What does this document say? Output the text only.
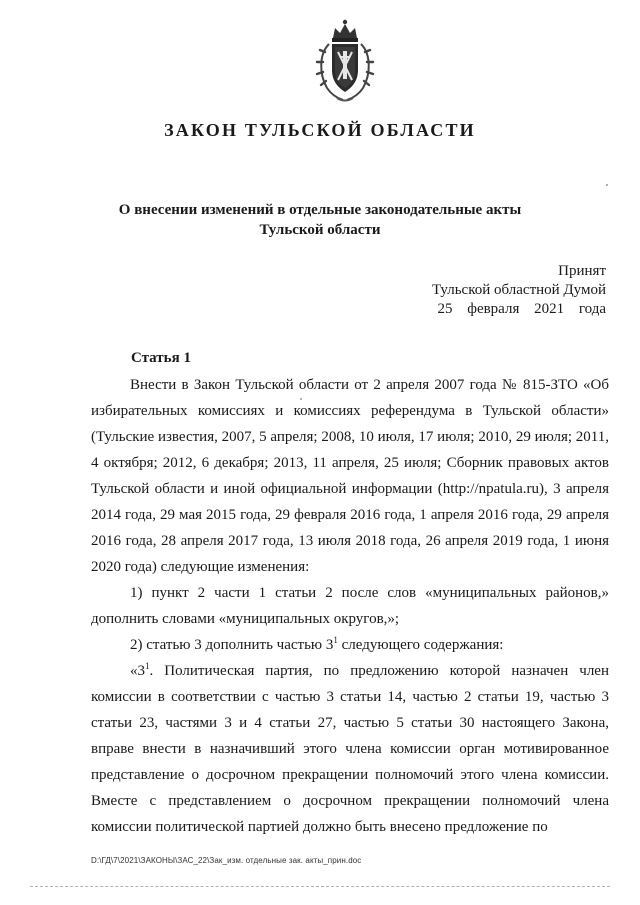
ЗАКОН ТУЛЬСКОЙ ОБЛАСТИ
О внесении изменений в отдельные законодательные акты
Тульской области
Принят
Тульской областной Думой
25 февраля 2021 года
Статья 1

Внести в Закон Тульской области от 2 апреля 2007 года № 815-ЗТО «Об избирательных комиссиях и комиссиях референдума в Тульской области» (Тульские известия, 2007, 5 апреля; 2008, 10 июля, 17 июля; 2010, 29 июля; 2011, 4 октября; 2012, 6 декабря; 2013, 11 апреля, 25 июля; Сборник правовых актов Тульской области и иной официальной информации (http://npatula.ru), 3 апреля 2014 года, 29 мая 2015 года, 29 февраля 2016 года, 1 апреля 2016 года, 29 апреля 2016 года, 28 апреля 2017 года, 13 июля 2018 года, 26 апреля 2019 года, 1 июня 2020 года) следующие изменения:

1) пункт 2 части 1 статьи 2 после слов «муниципальных районов,» дополнить словами «муниципальных округов,»;

2) статью 3 дополнить частью $3^1$ следующего содержания:

«$3^1$. Политическая партия, по предложению которой назначен член комиссии в соответствии с частью 3 статьи 14, частью 2 статьи 19, частью 3 статьи 23, частями 3 и 4 статьи 27, частью 5 статьи 30 настоящего Закона, вправе внести в назначивший этого члена комиссии орган мотивированное представление о досрочном прекращении полномочий этого члена комиссии. Вместе с представлением о досрочном прекращении полномочий члена комиссии политической партией должно быть внесено предложение по

D:\ГД\7\2021\ЗАКОНЫ\ЗАС_22\Зак_изм. отдельные зак. акты_прин.doc
